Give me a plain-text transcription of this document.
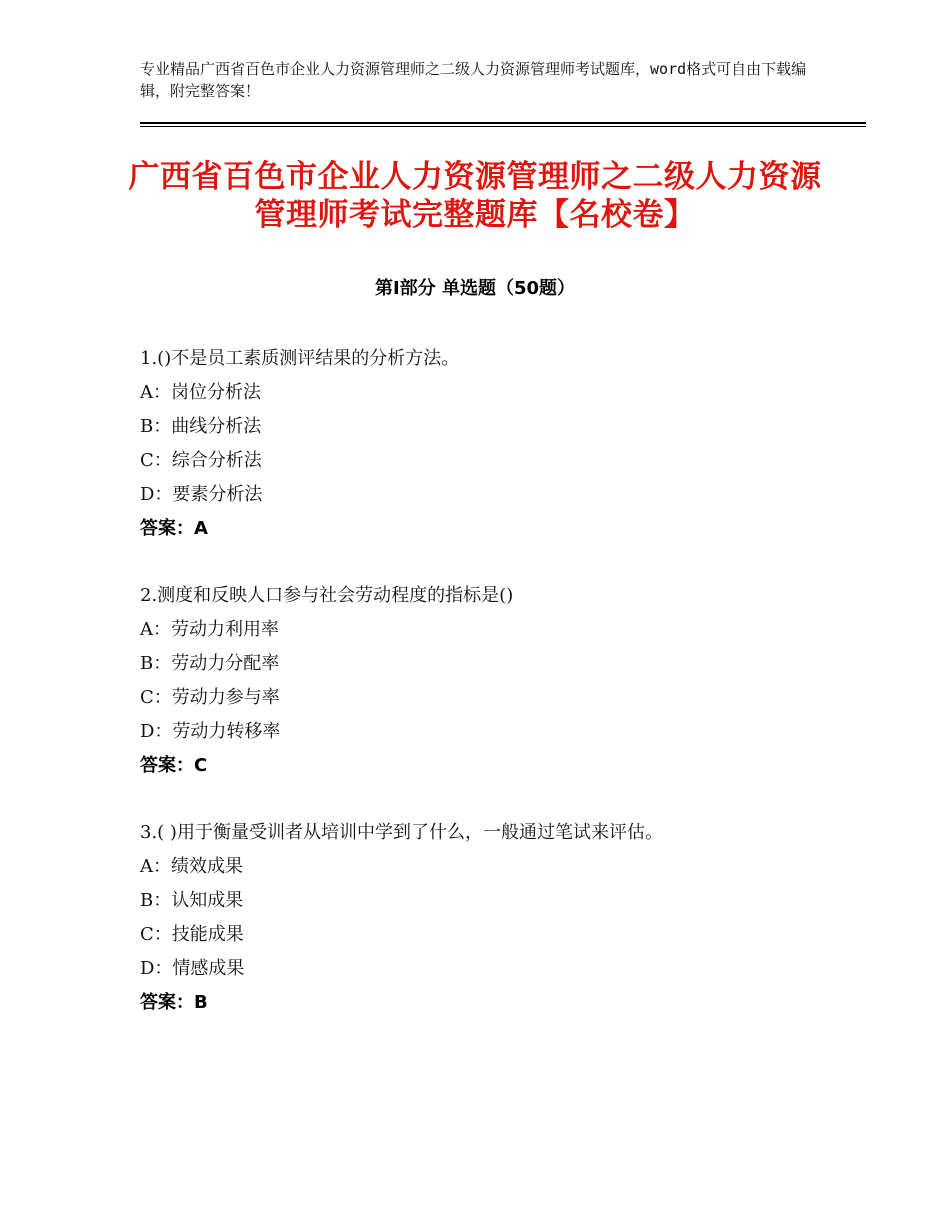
专业精品广西省百色市企业人力资源管理师之二级人力资源管理师考试题库，word格式可自由下载编辑，附完整答案！
广西省百色市企业人力资源管理师之二级人力资源管理师考试完整题库【名校卷】
第Ⅰ部分 单选题（50题）
1.()不是员工素质测评结果的分析方法。
A：岗位分析法
B：曲线分析法
C：综合分析法
D：要素分析法
答案：A
2.测度和反映人口参与社会劳动程度的指标是()
A：劳动力利用率
B：劳动力分配率
C：劳动力参与率
D：劳动力转移率
答案：C
3.( )用于衡量受训者从培训中学到了什么，一般通过笔试来评估。
A：绩效成果
B：认知成果
C：技能成果
D：情感成果
答案：B
